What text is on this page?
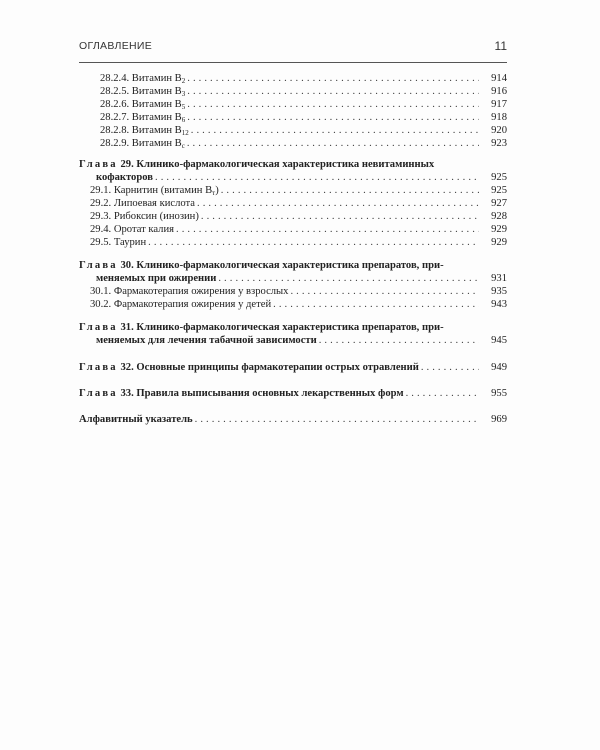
ОГЛАВЛЕНИЕ	11
28.2.4. Витамин $В_2$ . . .	914
28.2.5. Витамин $В_3$ . . .	916
28.2.6. Витамин $В_5$ . . .	917
28.2.7. Витамин $В_6$ . . .	918
28.2.8. Витамин $В_{12}$ . . .	920
28.2.9. Витамин $В_c$ . . .	923
Глава 29. Клинико-фармакологическая характеристика невитаминных
кофакторов . . .	925
29.1. Карнитин (витамин $В_т$) . . .	925
29.2. Липоевая кислота . . .	927
29.3. Рибоксин (инозин) . . .	928
29.4. Оротат калия . . .	929
29.5. Таурин . . .	929
Глава 30. Клинико-фармакологическая характеристика препаратов, при-
меняемых при ожирении . . .	931
30.1. Фармакотерапия ожирения у взрослых . . .	935
30.2. Фармакотерапия ожирения у детей . . .	943
Глава 31. Клинико-фармакологическая характеристика препаратов, при-
меняемых для лечения табачной зависимости . . .	945
Глава 32. Основные принципы фармакотерапии острых отравлений . . .	949
Глава 33. Правила выписывания основных лекарственных форм . . .	955
Алфавитный указатель . . .	969
